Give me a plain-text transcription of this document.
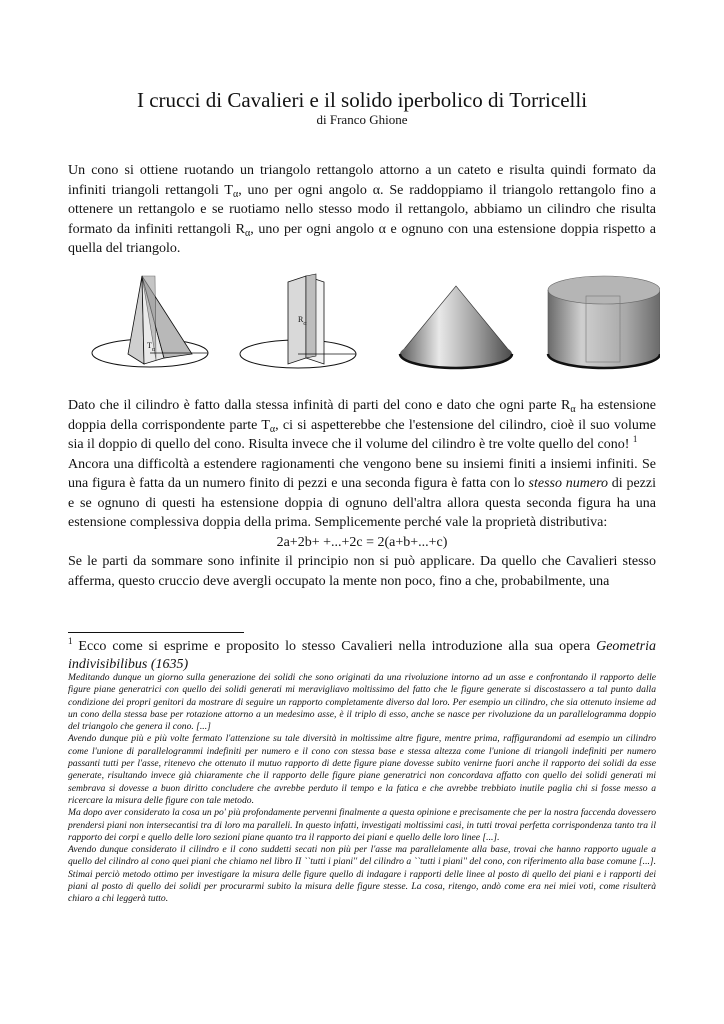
I crucci di Cavalieri e il solido iperbolico di Torricelli
di Franco Ghione
Un cono si ottiene ruotando un triangolo rettangolo attorno a un cateto e risulta quindi formato da infiniti triangoli rettangoli $T_\alpha$, uno per ogni angolo α. Se raddoppiamo il triangolo rettangolo fino a ottenere un rettangolo e se ruotiamo nello stesso modo il rettangolo, abbiamo un cilindro che risulta formato da infiniti rettangoli $R_\alpha$, uno per ogni angolo α e ognuno con una estensione doppia rispetto a quella del triangolo.
$T_\alpha$
$R_\alpha$

Dato che il cilindro è fatto dalla stessa infinità di parti del cono e dato che ogni parte $R_\alpha$ ha estensione doppia della corrispondente parte $T_\alpha$, ci si aspetterebbe che l'estensione del cilindro, cioè il suo volume sia il doppio di quello del cono. Risulta invece che il volume del cilindro è tre volte quello del cono! $^1$

Ancora una difficoltà a estendere ragionamenti che vengono bene su insiemi finiti a insiemi infiniti. Se una figura è fatta da un numero finito di pezzi e una seconda figura è fatta con lo stesso numero di pezzi e se ognuno di questi ha estensione doppia di ognuno dell'altra allora questa seconda figura ha una estensione complessiva doppia della prima. Semplicemente perché vale la proprietà distributiva:

2a+2b+ +...+2c = 2(a+b+...+c)

Se le parti da sommare sono infinite il principio non si può applicare. Da quello che Cavalieri stesso afferma, questo cruccio deve avergli occupato la mente non poco, fino a che, probabilmente, una

$^1$ Ecco come si esprime e proposito lo stesso Cavalieri nella introduzione alla sua opera Geometria indivisibilibus (1635)

Meditando dunque un giorno sulla generazione dei solidi che sono originati da una rivoluzione intorno ad un asse e confrontando il rapporto delle figure piane generatrici con quello dei solidi generati mi meravigliavo moltissimo del fatto che le figure generate si discostassero a tal punto dalla condizione dei propri genitori da mostrare di seguire un rapporto completamente diverso dal loro. Per esempio un cilindro, che sia ottenuto insieme ad un cono della stessa base per rotazione attorno a un medesimo asse, è il triplo di esso, anche se nasce per rivoluzione da un parallelogramma doppio del triangolo che genera il cono. [...]

Avendo dunque più e più volte fermato l'attenzione su tale diversità in moltissime altre figure, mentre prima, raffigurandomi ad esempio un cilindro come l'unione di parallelogrammi indefiniti per numero e il cono con stessa base e stessa altezza come l'unione di triangoli indefiniti per numero passanti tutti per l'asse, ritenevo che ottenuto il mutuo rapporto di dette figure piane dovesse subito venirne fuori anche il rapporto dei solidi da esse generate, risultando invece già chiaramente che il rapporto delle figure piane generatrici non concordava affatto con quello dei solidi generati mi sembrava si dovesse a buon diritto concludere che avrebbe perduto il tempo e la fatica e che avrebbe trebbiato inutile paglia chi si fosse messo a ricercare la misura delle figure con tale metodo.

Ma dopo aver considerato la cosa un po' più profondamente pervenni finalmente a questa opinione e precisamente che per la nostra faccenda dovessero prendersi piani non intersecantisi tra di loro ma paralleli. In questo infatti, investigati moltissimi casi, in tutti trovai perfetta corrispondenza tanto tra il rapporto dei corpi e quello delle loro sezioni piane quanto tra il rapporto dei piani e quello delle loro linee [...].

Avendo dunque considerato il cilindro e il cono suddetti secati non più per l'asse ma parallelamente alla base, trovai che hanno rapporto uguale a quello del cilindro al cono quei piani che chiamo nel libro II ``tutti i piani'' del cilindro a ``tutti i piani'' del cono, con riferimento alla base comune [...]. Stimai perciò metodo ottimo per investigare la misura delle figure quello di indagare i rapporti delle linee al posto di quello dei piani e i rapporti dei piani al posto di quello dei solidi per procurarmi subito la misura delle figure stesse. La cosa, ritengo, andò come era nei miei voti, come risulterà chiaro a chi leggerà tutto.
